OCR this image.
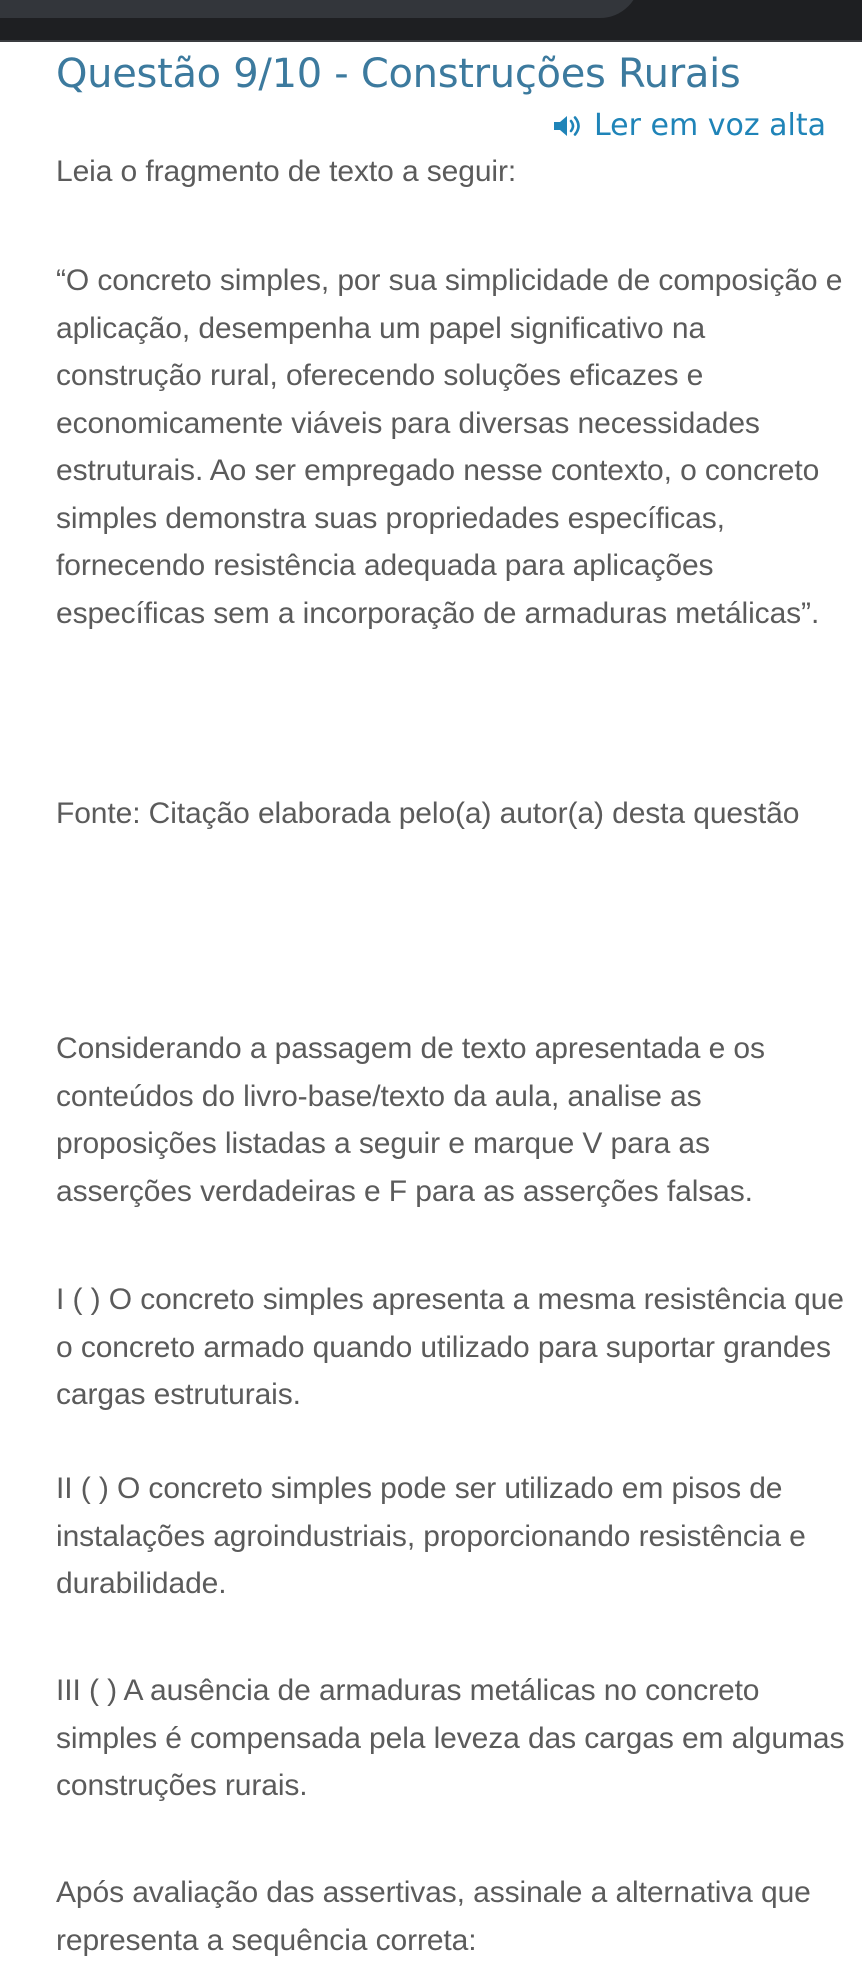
Questão 9/10 - Construções Rurais
Ler em voz alta

Leia o fragmento de texto a seguir:

“O concreto simples, por sua simplicidade de composição e aplicação, desempenha um papel significativo na construção rural, oferecendo soluções eficazes e economicamente viáveis para diversas necessidades estruturais. Ao ser empregado nesse contexto, o concreto simples demonstra suas propriedades específicas, fornecendo resistência adequada para aplicações específicas sem a incorporação de armaduras metálicas”.

Fonte: Citação elaborada pelo(a) autor(a) desta questão

Considerando a passagem de texto apresentada e os conteúdos do livro-base/texto da aula, analise as proposições listadas a seguir e marque V para as asserções verdadeiras e F para as asserções falsas.

I ( ) O concreto simples apresenta a mesma resistência que o concreto armado quando utilizado para suportar grandes cargas estruturais.

II ( ) O concreto simples pode ser utilizado em pisos de instalações agroindustriais, proporcionando resistência e durabilidade.

III ( ) A ausência de armaduras metálicas no concreto simples é compensada pela leveza das cargas em algumas construções rurais.

Após avaliação das assertivas, assinale a alternativa que representa a sequência correta:
